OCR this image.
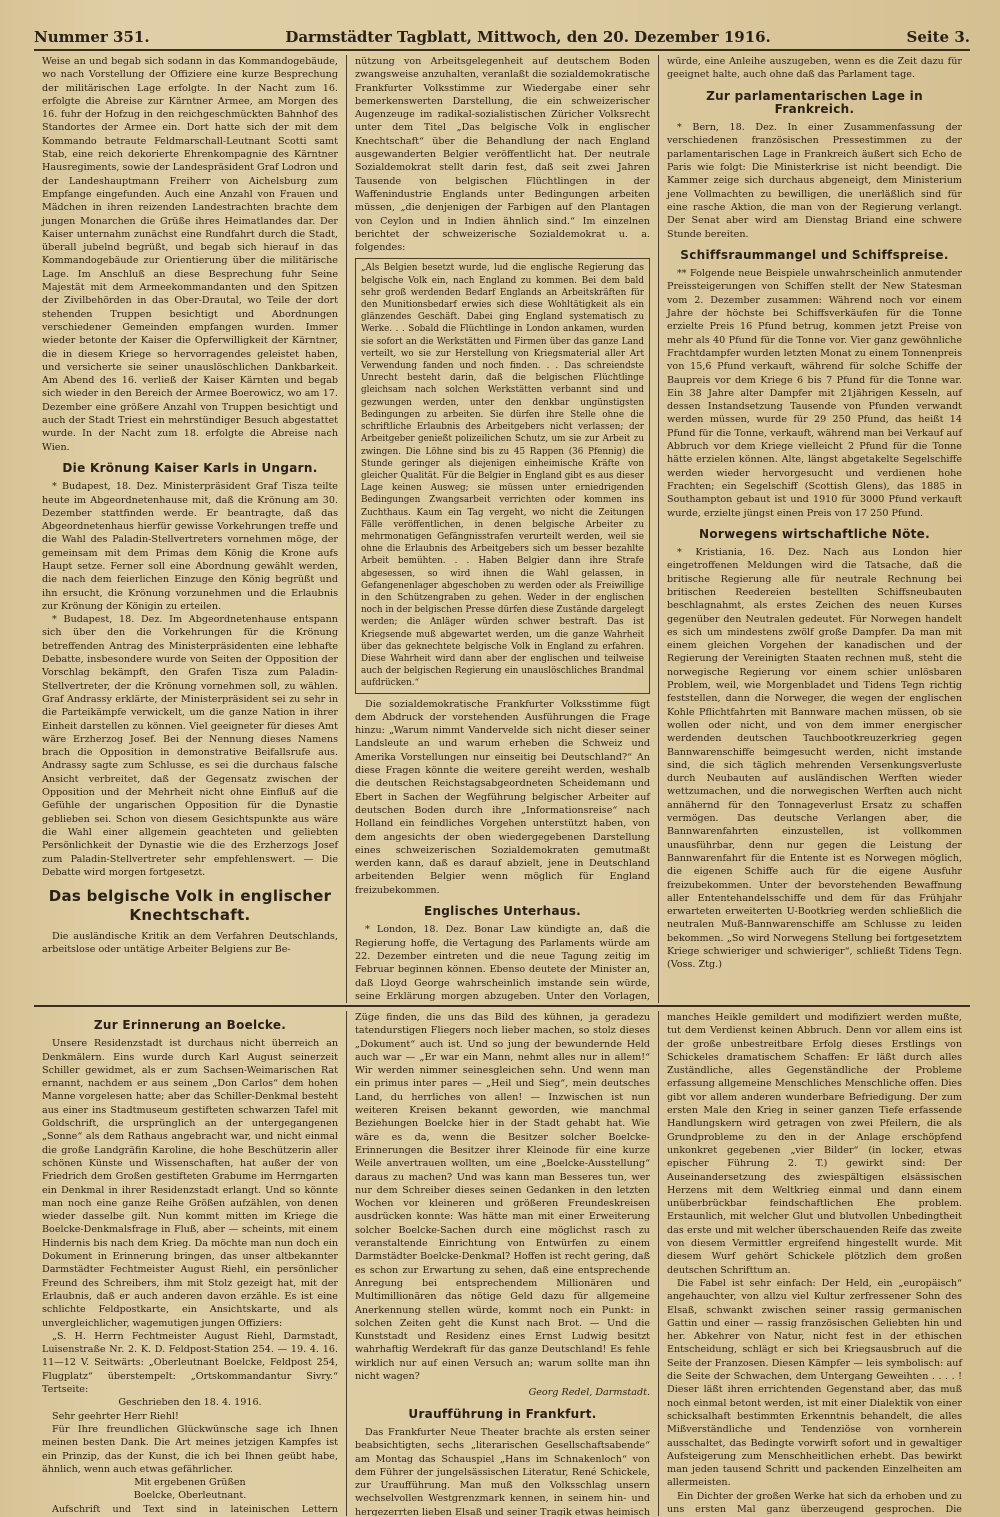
Nummer 351.	Darmstädter Tagblatt, Mittwoch, den 20. Dezember 1916.	Seite 3.

Weise an und begab sich sodann in das Kommandogebäude, wo nach Vorstellung der Offiziere eine kurze Besprechung der militärischen Lage erfolgte. In der Nacht zum 16. erfolgte die Abreise zur Kärntner Armee, am Morgen des 16. fuhr der Hofzug in den reichgeschmückten Bahnhof des Standortes der Armee ein. Dort hatte sich der mit dem Kommando betraute Feldmarschall-Leutnant Scotti samt Stab, eine reich dekorierte Ehrenkompagnie des Kärntner Hausregiments, sowie der Landespräsident Graf Lodron und der Landeshauptmann Freiherr von Aichelsburg zum Empfange eingefunden. Auch eine Anzahl von Frauen und Mädchen in ihren reizenden Landestrachten brachte dem jungen Monarchen die Grüße ihres Heimatlandes dar. Der Kaiser unternahm zunächst eine Rundfahrt durch die Stadt, überall jubelnd begrüßt, und begab sich hierauf in das Kommandogebäude zur Orientierung über die militärische Lage. Im Anschluß an diese Besprechung fuhr Seine Majestät mit dem Armeekommandanten und den Spitzen der Zivilbehörden in das Ober-Drautal, wo Teile der dort stehenden Truppen besichtigt und Abordnungen verschiedener Gemeinden empfangen wurden. Immer wieder betonte der Kaiser die Opferwilligkeit der Kärntner, die in diesem Kriege so hervorragendes geleistet haben, und versicherte sie seiner unauslöschlichen Dankbarkeit. Am Abend des 16. verließ der Kaiser Kärnten und begab sich wieder in den Bereich der Armee Boerowicz, wo am 17. Dezember eine größere Anzahl von Truppen besichtigt und auch der Stadt Triest ein mehrstündiger Besuch abgestattet wurde. In der Nacht zum 18. erfolgte die Abreise nach Wien.

Die Krönung Kaiser Karls in Ungarn.

* Budapest, 18. Dez. Ministerpräsident Graf Tisza teilte heute im Abgeordnetenhause mit, daß die Krönung am 30. Dezember stattfinden werde. Er beantragte, daß das Abgeordnetenhaus hierfür gewisse Vorkehrungen treffe und die Wahl des Paladin-Stellvertreters vornehmen möge, der gemeinsam mit dem Primas dem König die Krone aufs Haupt setze. Ferner soll eine Abordnung gewählt werden, die nach dem feierlichen Einzuge den König begrüßt und ihn ersucht, die Krönung vorzunehmen und die Erlaubnis zur Krönung der Königin zu erteilen.

* Budapest, 18. Dez. Im Abgeordnetenhause entspann sich über den die Vorkehrungen für die Krönung betreffenden Antrag des Ministerpräsidenten eine lebhafte Debatte, insbesondere wurde von Seiten der Opposition der Vorschlag bekämpft, den Grafen Tisza zum Paladin-Stellvertreter, der die Krönung vornehmen soll, zu wählen. Graf Andrassy erklärte, der Ministerpräsident sei zu sehr in die Parteikämpfe verwickelt, um die ganze Nation in ihrer Einheit darstellen zu können. Viel geeigneter für dieses Amt wäre Erzherzog Josef. Bei der Nennung dieses Namens brach die Opposition in demonstrative Beifallsrufe aus. Andrassy sagte zum Schlusse, es sei die durchaus falsche Ansicht verbreitet, daß der Gegensatz zwischen der Opposition und der Mehrheit nicht ohne Einfluß auf die Gefühle der ungarischen Opposition für die Dynastie geblieben sei. Schon von diesem Gesichtspunkte aus wäre die Wahl einer allgemein geachteten und geliebten Persönlichkeit der Dynastie wie die des Erzherzogs Josef zum Paladin-Stellvertreter sehr empfehlenswert. — Die Debatte wird morgen fortgesetzt.

Das belgische Volk in englischer Knechtschaft.

Die ausländische Kritik an dem Verfahren Deutschlands, arbeitslose oder untätige Arbeiter Belgiens zur Be-

nützung von Arbeitsgelegenheit auf deutschem Boden zwangsweise anzuhalten, veranlaßt die sozialdemokratische Frankfurter Volksstimme zur Wiedergabe einer sehr bemerkenswerten Darstellung, die ein schweizerischer Augenzeuge im radikal-sozialistischen Züricher Volksrecht unter dem Titel „Das belgische Volk in englischer Knechtschaft“ über die Behandlung der nach England ausgewanderten Belgier veröffentlicht hat. Der neutrale Sozialdemokrat stellt darin fest, daß seit zwei Jahren Tausende von belgischen Flüchtlingen in der Waffenindustrie Englands unter Bedingungen arbeiten müssen, „die denjenigen der Farbigen auf den Plantagen von Ceylon und in Indien ähnlich sind.“ Im einzelnen berichtet der schweizerische Sozialdemokrat u. a. folgendes:

„Als Belgien besetzt wurde, lud die englische Regierung das belgische Volk ein, nach England zu kommen. Bei dem bald sehr groß werdenden Bedarf Englands an Arbeitskräften für den Munitionsbedarf erwies sich diese Wohltätigkeit als ein glänzendes Geschäft. Dabei ging England systematisch zu Werke. . . Sobald die Flüchtlinge in London ankamen, wurden sie sofort an die Werkstätten und Firmen über das ganze Land verteilt, wo sie zur Herstellung von Kriegsmaterial aller Art Verwendung fanden und noch finden. . . Das schreiendste Unrecht besteht darin, daß die belgischen Flüchtlinge gleichsam nach solchen Werkstätten verbannt sind und gezwungen werden, unter den denkbar ungünstigsten Bedingungen zu arbeiten. Sie dürfen ihre Stelle ohne die schriftliche Erlaubnis des Arbeitgebers nicht verlassen; der Arbeitgeber genießt polizeilichen Schutz, um sie zur Arbeit zu zwingen. Die Löhne sind bis zu 45 Rappen (36 Pfennig) die Stunde geringer als diejenigen einheimische Kräfte von gleicher Qualität. Für die Belgier in England gibt es aus dieser Lage keinen Ausweg; sie müssen unter erniedrigenden Bedingungen Zwangsarbeit verrichten oder kommen ins Zuchthaus. Kaum ein Tag vergeht, wo nicht die Zeitungen Fälle veröffentlichen, in denen belgische Arbeiter zu mehrmonatigen Gefängnisstrafen verurteilt werden, weil sie ohne die Erlaubnis des Arbeitgebers sich um besser bezahlte Arbeit bemühten. . . Haben Belgier dann ihre Strafe abgesessen, so wird ihnen die Wahl gelassen, in Gefangenenlager abgeschoben zu werden oder als Freiwillige in den Schützengraben zu gehen. Weder in der englischen noch in der belgischen Presse dürfen diese Zustände dargelegt werden; die Anläger würden schwer bestraft. Das ist Kriegsende muß abgewartet werden, um die ganze Wahrheit über das geknechtete belgische Volk in England zu erfahren. Diese Wahrheit wird dann aber der englischen und teilweise auch der belgischen Regierung ein unauslöschliches Brandmal aufdrücken.“

Die sozialdemokratische Frankfurter Volksstimme fügt dem Abdruck der vorstehenden Ausführungen die Frage hinzu: „Warum nimmt Vandervelde sich nicht dieser seiner Landsleute an und warum erheben die Schweiz und Amerika Vorstellungen nur einseitig bei Deutschland?“ An diese Fragen könnte die weitere gereiht werden, weshalb die deutschen Reichstagsabgeordneten Scheidemann und Ebert in Sachen der Wegführung belgischer Arbeiter auf deutschen Boden durch ihre „Informationsreise“ nach Holland ein feindliches Vorgehen unterstützt haben, von dem angesichts der oben wiedergegebenen Darstellung eines schweizerischen Sozialdemokraten gemutmaßt werden kann, daß es darauf abzielt, jene in Deutschland arbeitenden Belgier wenn möglich für England freizubekommen.

Englisches Unterhaus.

* London, 18. Dez. Bonar Law kündigte an, daß die Regierung hoffe, die Vertagung des Parlaments würde am 22. Dezember eintreten und die neue Tagung zeitig im Februar beginnen können. Ebenso deutete der Minister an, daß Lloyd George wahrscheinlich imstande sein würde, seine Erklärung morgen abzugeben. Unter den Vorlagen,

würde, eine Anleihe auszugeben, wenn es die Zeit dazu für geeignet halte, auch ohne daß das Parlament tage.

Zur parlamentarischen Lage in Frankreich.

* Bern, 18. Dez. In einer Zusammenfassung der verschiedenen französischen Pressestimmen zu der parlamentarischen Lage in Frankreich äußert sich Echo de Paris wie folgt: Die Ministerkrise ist nicht beendigt. Die Kammer zeige sich durchaus abgeneigt, dem Ministerium jene Vollmachten zu bewilligen, die unerläßlich sind für eine rasche Aktion, die man von der Regierung verlangt. Der Senat aber wird am Dienstag Briand eine schwere Stunde bereiten.

Schiffsraummangel und Schiffspreise.

** Folgende neue Beispiele unwahrscheinlich anmutender Preissteigerungen von Schiffen stellt der New Statesman vom 2. Dezember zusammen: Während noch vor einem Jahre der höchste bei Schiffsverkäufen für die Tonne erzielte Preis 16 Pfund betrug, kommen jetzt Preise von mehr als 40 Pfund für die Tonne vor. Vier ganz gewöhnliche Frachtdampfer wurden letzten Monat zu einem Tonnenpreis von 15,6 Pfund verkauft, während für solche Schiffe der Baupreis vor dem Kriege 6 bis 7 Pfund für die Tonne war. Ein 38 Jahre alter Dampfer mit 21jährigen Kesseln, auf dessen Instandsetzung Tausende von Pfunden verwandt werden müssen, wurde für 29 250 Pfund, das heißt 14 Pfund für die Tonne, verkauft, während man bei Verkauf auf Abbruch vor dem Kriege vielleicht 2 Pfund für die Tonne hätte erzielen können. Alte, längst abgetakelte Segelschiffe werden wieder hervorgesucht und verdienen hohe Frachten; ein Segelschiff (Scottish Glens), das 1885 in Southampton gebaut ist und 1910 für 3000 Pfund verkauft wurde, erzielte jüngst einen Preis von 17 250 Pfund.

Norwegens wirtschaftliche Nöte.

* Kristiania, 16. Dez. Nach aus London hier eingetroffenen Meldungen wird die Tatsache, daß die britische Regierung alle für neutrale Rechnung bei britischen Reedereien bestellten Schiffsneubauten beschlagnahmt, als erstes Zeichen des neuen Kurses gegenüber den Neutralen gedeutet. Für Norwegen handelt es sich um mindestens zwölf große Dampfer. Da man mit einem gleichen Vorgehen der kanadischen und der Regierung der Vereinigten Staaten rechnen muß, steht die norwegische Regierung vor einem schier unlösbaren Problem, weil, wie Morgenbladet und Tidens Tegn richtig feststellen, dann die Norweger, die wegen der englischen Kohle Pflichtfahrten mit Bannware machen müssen, ob sie wollen oder nicht, und von dem immer energischer werdenden deutschen Tauchbootkreuzerkrieg gegen Bannwarenschiffe beimgesucht werden, nicht imstande sind, die sich täglich mehrenden Versenkungsverluste durch Neubauten auf ausländischen Werften wieder wettzumachen, und die norwegischen Werften auch nicht annähernd für den Tonnageverlust Ersatz zu schaffen vermögen. Das deutsche Verlangen aber, die Bannwarenfahrten einzustellen, ist vollkommen unausführbar, denn nur gegen die Leistung der Bannwarenfahrt für die Entente ist es Norwegen möglich, die eigenen Schiffe auch für die eigene Ausfuhr freizubekommen. Unter der bevorstehenden Bewaffnung aller Ententehandelsschiffe und dem für das Frühjahr erwarteten erweiterten U-Bootkrieg werden schließlich die neutralen Muß-Bannwarenschiffe am Schlusse zu leiden bekommen. „So wird Norwegens Stellung bei fortgesetztem Kriege schwieriger und schwieriger“, schließt Tidens Tegn. (Voss. Ztg.)

Zur Erinnerung an Boelcke.

Unsere Residenzstadt ist durchaus nicht überreich an Denkmälern. Eins wurde durch Karl August seinerzeit Schiller gewidmet, als er zum Sachsen-Weimarischen Rat ernannt, nachdem er aus seinem „Don Carlos“ dem hohen Manne vorgelesen hatte; aber das Schiller-Denkmal besteht aus einer ins Stadtmuseum gestifteten schwarzen Tafel mit Goldschrift, die ursprünglich an der untergegangenen „Sonne“ als dem Rathaus angebracht war, und nicht einmal die große Landgräfin Karoline, die hohe Beschützerin aller schönen Künste und Wissenschaften, hat außer der von Friedrich dem Großen gestifteten Grabume im Herrngarten ein Denkmal in ihrer Residenzstadt erlangt. Und so könnte man noch eine ganze Reihe Größen aufzählen, von denen wieder dasselbe gilt. Nun kommt mitten im Kriege die Boelcke-Denkmalsfrage in Fluß, aber — scheints, mit einem Hindernis bis nach dem Krieg. Da möchte man nun doch ein Dokument in Erinnerung bringen, das unser altbekannter Darmstädter Fechtmeister August Riehl, ein persönlicher Freund des Schreibers, ihm mit Stolz gezeigt hat, mit der Erlaubnis, daß er auch anderen davon erzähle. Es ist eine schlichte Feldpostkarte, ein Ansichtskarte, und als unvergleichlicher, wagemutigen jungen Offiziers:

„S. H. Herrn Fechtmeister August Riehl, Darmstadt, Luisenstraße Nr. 2. K. D. Feldpost-Station 254. — 19. 4. 16. 11—12 V. Seitwärts: „Oberleutnant Boelcke, Feldpost 254, Flugplatz“ überstempelt: „Ortskommandantur Sivry.“ Tertseite:

Geschrieben den 18. 4. 1916.

Sehr geehrter Herr Riehl!

Für Ihre freundlichen Glückwünsche sage ich Ihnen meinen besten Dank. Die Art meines jetzigen Kampfes ist ein Prinzip, das der Kunst, die ich bei Ihnen geübt habe, ähnlich, wenn auch etwas gefährlicher.

Mit ergebenen Grüßen

Boelcke, Oberleutnant.

Aufschrift und Text sind in lateinischen Lettern

Züge finden, die uns das Bild des kühnen, ja geradezu tatendurstigen Fliegers noch lieber machen, so stolz dieses „Dokument“ auch ist. Und so jung der bewundernde Held auch war — „Er war ein Mann, nehmt alles nur in allem!“ Wir werden nimmer seinesgleichen sehn. Und wenn man ein primus inter pares — „Heil und Sieg“, mein deutsches Land, du herrliches von allen! — Inzwischen ist nun weiteren Kreisen bekannt geworden, wie manchmal Beziehungen Boelcke hier in der Stadt gehabt hat. Wie wäre es da, wenn die Besitzer solcher Boelcke-Erinnerungen die Besitzer ihrer Kleinode für eine kurze Weile anvertrauen wollten, um eine „Boelcke-Ausstellung“ daraus zu machen? Und was kann man Besseres tun, wer nur dem Schreiber dieses seinen Gedanken in den letzten Wochen vor kleineren und größeren Freundeskreisen ausdrücken konnte: Was hätte man mit einer Erweiterung solcher Boelcke-Sachen durch eine möglichst rasch zu veranstaltende Einrichtung von Entwürfen zu einem Darmstädter Boelcke-Denkmal? Hoffen ist recht gering, daß es schon zur Erwartung zu sehen, daß eine entsprechende Anregung bei entsprechendem Millionären und Multimillionären das nötige Geld dazu für allgemeine Anerkennung stellen würde, kommt noch ein Punkt: in solchen Zeiten geht die Kunst nach Brot. — Und die Kunststadt und Residenz eines Ernst Ludwig besitzt wahrhaftig Werdekraft für das ganze Deutschland! Es fehle wirklich nur auf einen Versuch an; warum sollte man ihn nicht wagen?

Georg Redel, Darmstadt.
Uraufführung in Frankfurt.

Das Frankfurter Neue Theater brachte als ersten seiner beabsichtigten, sechs „literarischen Gesellschaftsabende“ am Montag das Schauspiel „Hans im Schnakenloch“ von dem Führer der jungelsässischen Literatur, René Schickele, zur Uraufführung. Man muß den Volksschlag unsern wechselvollen Westgrenzmark kennen, in seinem hin- und hergezerrten lieben Elsaß und seiner Tragik etwas heimisch

manches Heikle gemildert und modifiziert werden mußte, tut dem Verdienst keinen Abbruch. Denn vor allem eins ist der große unbestreitbare Erfolg dieses Erstlings von Schickeles dramatischem Schaffen: Er läßt durch alles Zuständliche, alles Gegenständliche der Probleme erfassung allgemeine Menschliches Menschliche offen. Dies gibt vor allem anderen wunderbare Befriedigung. Der zum ersten Male den Krieg in seiner ganzen Tiefe erfassende Handlungskern wird getragen von zwei Pfeilern, die als Grundprobleme zu den in der Anlage erschöpfend unkonkret gegebenen „vier Bilder“ (in locker, etwas epischer Führung 2. T.) gewirkt sind: Der Auseinandersetzung des zwiespältigen elsässischen Herzens mit dem Weltkrieg einmal und dann einem unüberbrückbar feindschaftlichen Ehe problem. Erstaunlich, mit welcher Glut und blutvollen Unbedingtheit das erste und mit welcher überschauenden Reife das zweite von diesem Vermittler ergreifend hingestellt wurde. Mit diesem Wurf gehört Schickele plötzlich dem großen deutschen Schrifttum an.

Die Fabel ist sehr einfach: Der Held, ein „europäisch“ angehauchter, von allzu viel Kultur zerfressener Sohn des Elsaß, schwankt zwischen seiner rassig germanischen Gattin und einer — rassig französischen Geliebten hin und her. Abkehrer von Natur, nicht fest in der ethischen Entscheidung, schlägt er sich bei Kriegsausbruch auf die Seite der Franzosen. Diesen Kämpfer — leis symbolisch: auf die Seite der Schwachen, dem Untergang Geweihten . . . . ! Dieser läßt ihren errichtenden Gegenstand aber, das muß noch einmal betont werden, ist mit einer Dialektik von einer schicksalhaft bestimmten Erkenntnis behandelt, die alles Mißverständliche und Tendenziöse von vornherein ausschaltet, das Bedingte vorwirft sofort und in gewaltiger Aufsteigerung zum Menschheitlichen erhebt. Das bewirkt man jeden tausend Schritt und packenden Einzelheiten am allermeisten.

Ein Dichter der großen Werke hat sich da erhoben und zu uns ersten Mal ganz überzeugend gesprochen. Die
